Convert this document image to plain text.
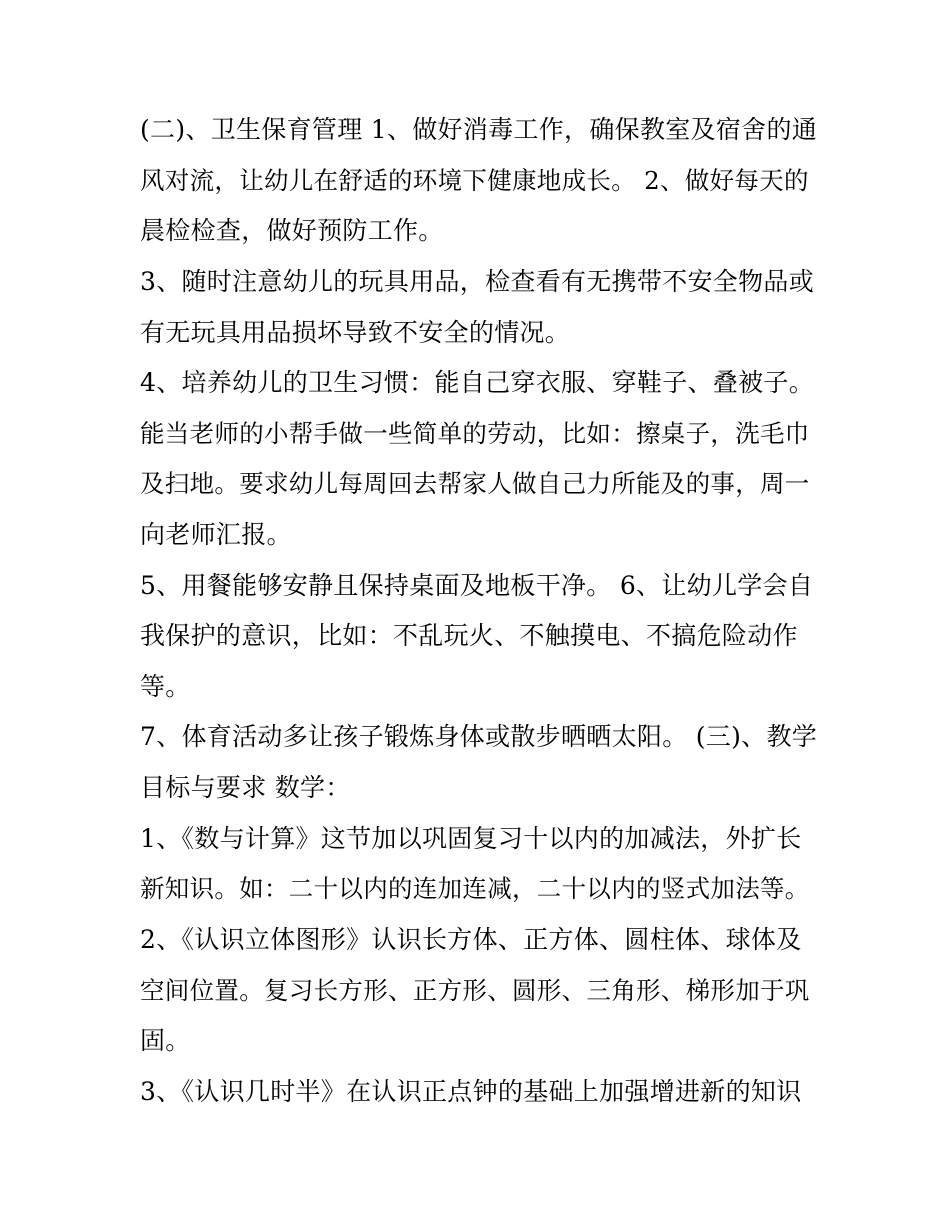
(二)、卫生保育管理 1、做好消毒工作，确保教室及宿舍的通
风对流，让幼儿在舒适的环境下健康地成长。 2、做好每天的
晨检检查，做好预防工作。
3、随时注意幼儿的玩具用品，检查看有无携带不安全物品或
有无玩具用品损坏导致不安全的情况。
4、培养幼儿的卫生习惯：能自己穿衣服、穿鞋子、叠被子。
能当老师的小帮手做一些简单的劳动，比如：擦桌子，洗毛巾
及扫地。要求幼儿每周回去帮家人做自己力所能及的事，周一
向老师汇报。
5、用餐能够安静且保持桌面及地板干净。 6、让幼儿学会自
我保护的意识，比如：不乱玩火、不触摸电、不搞危险动作
等。
7、体育活动多让孩子锻炼身体或散步晒晒太阳。 (三)、教学
目标与要求 数学：
1、《数与计算》这节加以巩固复习十以内的加减法，外扩长
新知识。如：二十以内的连加连减，二十以内的竖式加法等。
2、《认识立体图形》认识长方体、正方体、圆柱体、球体及
空间位置。复习长方形、正方形、圆形、三角形、梯形加于巩
固。
3、《认识几时半》在认识正点钟的基础上加强增进新的知识
